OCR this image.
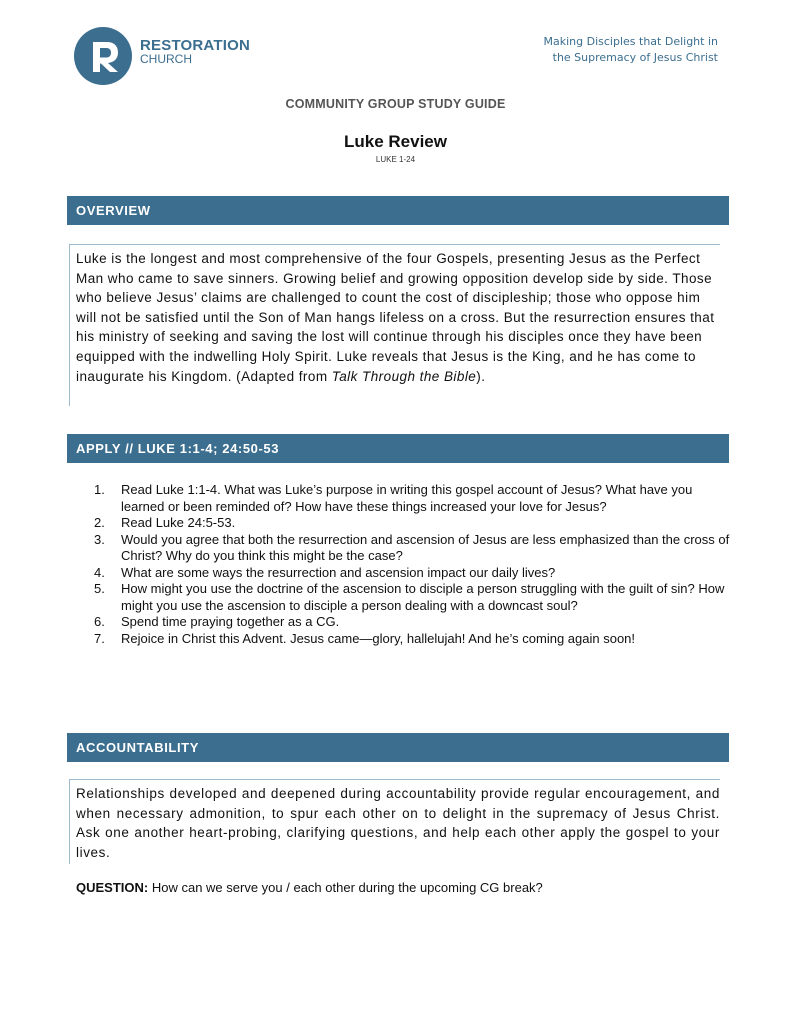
RESTORATION
CHURCH
Making Disciples that Delight in
the Supremacy of Jesus Christ
COMMUNITY GROUP STUDY GUIDE
Luke Review
LUKE 1-24
OVERVIEW
Luke is the longest and most comprehensive of the four Gospels, presenting Jesus as the Perfect Man who came to save sinners. Growing belief and growing opposition develop side by side. Those who believe Jesus’ claims are challenged to count the cost of discipleship; those who oppose him will not be satisfied until the Son of Man hangs lifeless on a cross. But the resurrection ensures that his ministry of seeking and saving the lost will continue through his disciples once they have been equipped with the indwelling Holy Spirit. Luke reveals that Jesus is the King, and he has come to inaugurate his Kingdom. (Adapted from Talk Through the Bible).
APPLY // LUKE 1:1-4; 24:50-53
1.	Read Luke 1:1-4. What was Luke’s purpose in writing this gospel account of Jesus? What have you learned or been reminded of? How have these things increased your love for Jesus?
2.	Read Luke 24:5-53.
3.	Would you agree that both the resurrection and ascension of Jesus are less emphasized than the cross of Christ? Why do you think this might be the case?
4.	What are some ways the resurrection and ascension impact our daily lives?
5.	How might you use the doctrine of the ascension to disciple a person struggling with the guilt of sin? How might you use the ascension to disciple a person dealing with a downcast soul?
6.	Spend time praying together as a CG.
7.	Rejoice in Christ this Advent. Jesus came—glory, hallelujah! And he’s coming again soon!
ACCOUNTABILITY
Relationships developed and deepened during accountability provide regular encouragement, and when necessary admonition, to spur each other on to delight in the supremacy of Jesus Christ. Ask one another heart-probing, clarifying questions, and help each other apply the gospel to your lives.
QUESTION: How can we serve you / each other during the upcoming CG break?
